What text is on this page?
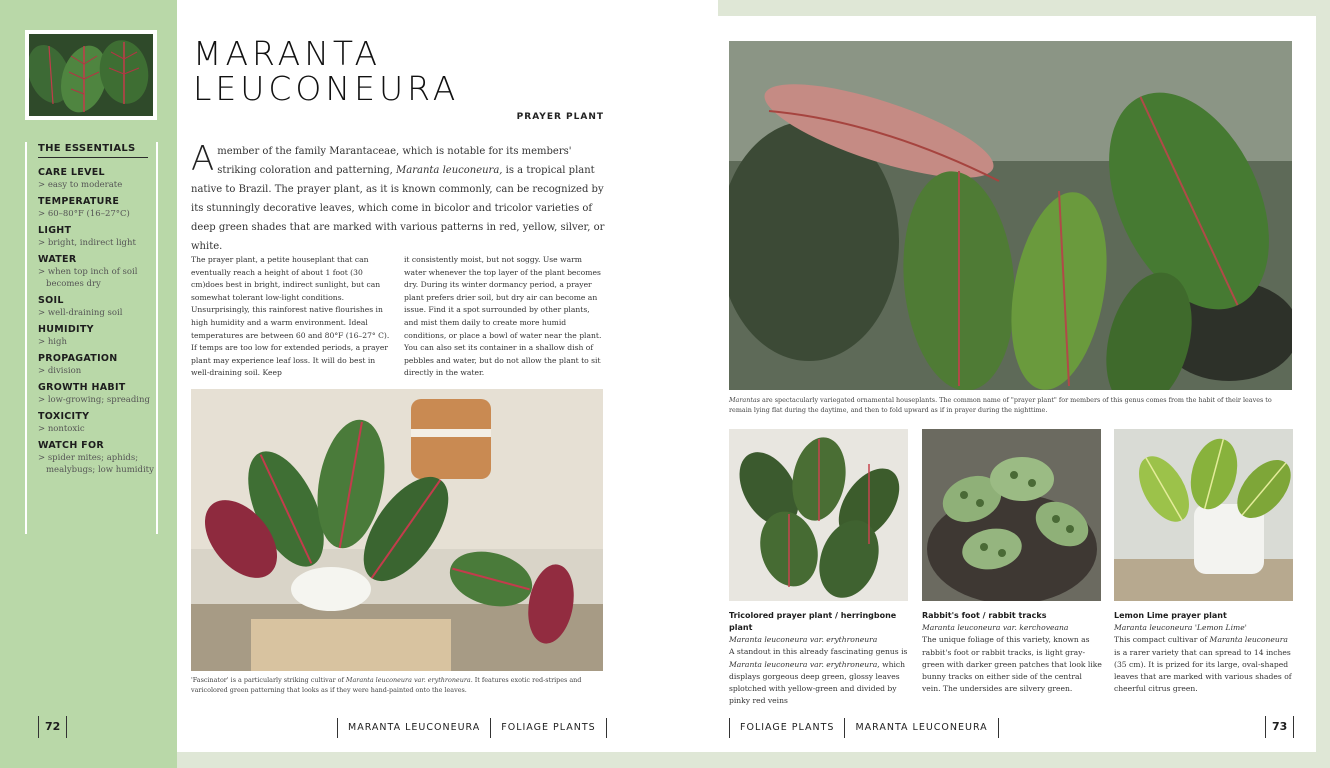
THE ESSENTIALS
CARE LEVEL
> easy to moderate
TEMPERATURE
> 60–80°F (16–27°C)
LIGHT
> bright, indirect light
WATER
> when top inch of soil becomes dry
SOIL
> well-draining soil
HUMIDITY
> high
PROPAGATION
> division
GROWTH HABIT
> low-growing; spreading
TOXICITY
> nontoxic
WATCH FOR
> spider mites; aphids; mealybugs; low humidity
72
MARANTA
LEUCONEURA
PRAYER PLANT
A member of the family Marantaceae, which is notable for its members' striking coloration and patterning, Maranta leuconeura, is a tropical plant native to Brazil. The prayer plant, as it is known commonly, can be recognized by its stunningly decorative leaves, which come in bicolor and tricolor varieties of deep green shades that are marked with various patterns in red, yellow, silver, or white.
The prayer plant, a petite houseplant that can eventually reach a height of about 1 foot (30 cm)does best in bright, indirect sunlight, but can somewhat tolerant low-light conditions. Unsurprisingly, this rainforest native flourishes in high humidity and a warm environment. Ideal temperatures are between 60 and 80°F (16–27° C). If temps are too low for extended periods, a prayer plant may experience leaf loss. It will do best in well-draining soil. Keep
it consistently moist, but not soggy. Use warm water whenever the top layer of the plant becomes dry. During its winter dormancy period, a prayer plant prefers drier soil, but dry air can become an issue. Find it a spot surrounded by other plants, and mist them daily to create more humid conditions, or place a bowl of water near the plant. You can also set its container in a shallow dish of pebbles and water, but do not allow the plant to sit directly in the water.
'Fascinator' is a particularly striking cultivar of Maranta leuconeura var. erythroneura. It features exotic red-stripes and varicolored green patterning that looks as if they were hand-painted onto the leaves.
MARANTA LEUCONEURA	FOLIAGE PLANTS
Marantas are spectacularly variegated ornamental houseplants. The common name of "prayer plant" for members of this genus comes from the habit of their leaves to remain lying flat during the daytime, and then to fold upward as if in prayer during the nighttime.
Tricolored prayer plant / herringbone plant
Maranta leuconeura var. erythroneura
A standout in this already fascinating genus is Maranta leuconeura var. erythroneura, which displays gorgeous deep green, glossy leaves splotched with yellow-green and divided by pinky red veins
Rabbit's foot / rabbit tracks
Maranta leuconeura var. kerchoveana
The unique foliage of this variety, known as rabbit's foot or rabbit tracks, is light gray-green with darker green patches that look like bunny tracks on either side of the central vein. The undersides are silvery green.
Lemon Lime prayer plant
Maranta leuconeura 'Lemon Lime'
This compact cultivar of Maranta leuconeura is a rarer variety that can spread to 14 inches (35 cm). It is prized for its large, oval-shaped leaves that are marked with various shades of cheerful citrus green.
FOLIAGE PLANTS	MARANTA LEUCONEURA	73
